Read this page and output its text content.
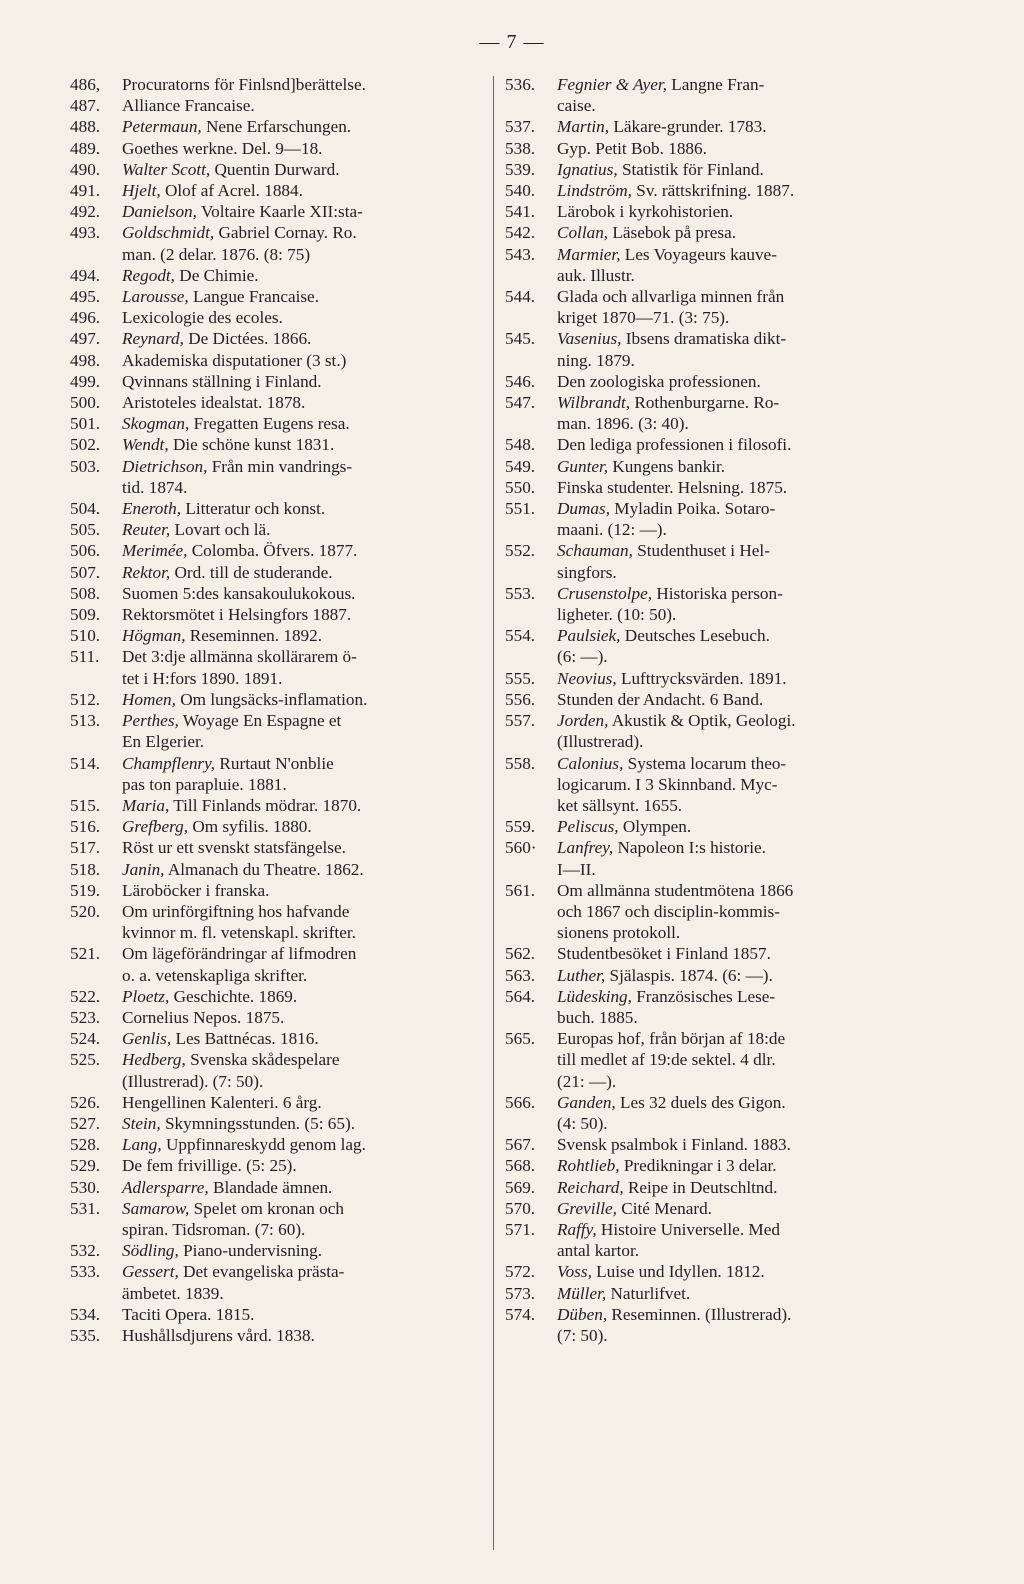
— 7 —
486,	Procuratorns för Finlsnd]berättelse.
487.	Alliance Francaise.
488.	Petermaun, Nene Erfarschungen.
489.	Goethes werkne. Del. 9—18.
490.	Walter Scott, Quentin Durward.
491.	Hjelt, Olof af Acrel. 1884.
492.	Danielson, Voltaire Kaarle XII:sta-
493.	Goldschmidt, Gabriel Cornay. Ro.
man. (2 delar. 1876. (8: 75)
494.	Regodt, De Chimie.
495.	Larousse, Langue Francaise.
496.	Lexicologie des ecoles.
497.	Reynard, De Dictées. 1866.
498.	Akademiska disputationer (3 st.)
499.	Qvinnans ställning i Finland.
500.	Aristoteles idealstat. 1878.
501.	Skogman, Fregatten Eugens resa.
502.	Wendt, Die schöne kunst 1831.
503.	Dietrichson, Från min vandrings-
tid. 1874.
504.	Eneroth, Litteratur och konst.
505.	Reuter, Lovart och lä.
506.	Merimée, Colomba. Öfvers. 1877.
507.	Rektor, Ord. till de studerande.
508.	Suomen 5:des kansakoulukokous.
509.	Rektorsmötet i Helsingfors 1887.
510.	Högman, Reseminnen. 1892.
511.	Det 3:dje allmänna skollärarem ö-
tet i H:fors 1890. 1891.
512.	Homen, Om lungsäcks-inflamation.
513.	Perthes, Woyage En Espagne et
En Elgerier.
514.	Champflenry, Rurtaut N'onblie
pas ton parapluie. 1881.
515.	Maria, Till Finlands mödrar. 1870.
516.	Grefberg, Om syfilis. 1880.
517.	Röst ur ett svenskt statsfängelse.
518.	Janin, Almanach du Theatre. 1862.
519.	Läroböcker i franska.
520.	Om urinförgiftning hos hafvande
kvinnor m. fl. vetenskapl. skrifter.
521.	Om lägeförändringar af lifmodren
o. a. vetenskapliga skrifter.
522.	Ploetz, Geschichte. 1869.
523.	Cornelius Nepos. 1875.
524.	Genlis, Les Battnécas. 1816.
525.	Hedberg, Svenska skådespelare
(Illustrerad). (7: 50).
526.	Hengellinen Kalenteri. 6 årg.
527.	Stein, Skymningsstunden. (5: 65).
528.	Lang, Uppfinnareskydd genom lag.
529.	De fem frivillige. (5: 25).
530.	Adlersparre, Blandade ämnen.
531.	Samarow, Spelet om kronan och
spiran. Tidsroman. (7: 60).
532.	Södling, Piano-undervisning.
533.	Gessert, Det evangeliska prästa-
ämbetet. 1839.
534.	Taciti Opera. 1815.
535.	Hushållsdjurens vård. 1838.
536.	Fegnier & Ayer, Langne Fran-
caise.
537.	Martin, Läkare-grunder. 1783.
538.	Gyp. Petit Bob. 1886.
539.	Ignatius, Statistik för Finland.
540.	Lindström, Sv. rättskrifning. 1887.
541.	Lärobok i kyrkohistorien.
542.	Collan, Läsebok på presa.
543.	Marmier, Les Voyageurs kauve-
auk. Illustr.
544.	Glada och allvarliga minnen från
kriget 1870—71. (3: 75).
545.	Vasenius, Ibsens dramatiska dikt-
ning. 1879.
546.	Den zoologiska professionen.
547.	Wilbrandt, Rothenburgarne. Ro-
man. 1896. (3: 40).
548.	Den lediga professionen i filosofi.
549.	Gunter, Kungens bankir.
550.	Finska studenter. Helsning. 1875.
551.	Dumas, Myladin Poika. Sotaro-
maani. (12: —).
552.	Schauman, Studenthuset i Hel-
singfors.
553.	Crusenstolpe, Historiska person-
ligheter. (10: 50).
554.	Paulsiek, Deutsches Lesebuch.
(6: —).
555.	Neovius, Lufttrycksvärden. 1891.
556.	Stunden der Andacht. 6 Band.
557.	Jorden, Akustik & Optik, Geologi.
(Illustrerad).
558.	Calonius, Systema locarum theo-
logicarum. I 3 Skinnband. Myc-
ket sällsynt. 1655.
559.	Peliscus, Olympen.
560·	Lanfrey, Napoleon I:s historie.
I—II.
561.	Om allmänna studentmötena 1866
och 1867 och disciplin-kommis-
sionens protokoll.
562.	Studentbesöket i Finland 1857.
563.	Luther, Själaspis. 1874. (6: —).
564.	Lüdesking, Französisches Lese-
buch. 1885.
565.	Europas hof, från början af 18:de
till medlet af 19:de sektel. 4 dlr.
(21: —).
566.	Ganden, Les 32 duels des Gigon.
(4: 50).
567.	Svensk psalmbok i Finland. 1883.
568.	Rohtlieb, Predikningar i 3 delar.
569.	Reichard, Reipe in Deutschltnd.
570.	Greville, Cité Menard.
571.	Raffy, Histoire Universelle. Med
antal kartor.
572.	Voss, Luise und Idyllen. 1812.
573.	Müller, Naturlifvet.
574.	Düben, Reseminnen. (Illustrerad).
(7: 50).
